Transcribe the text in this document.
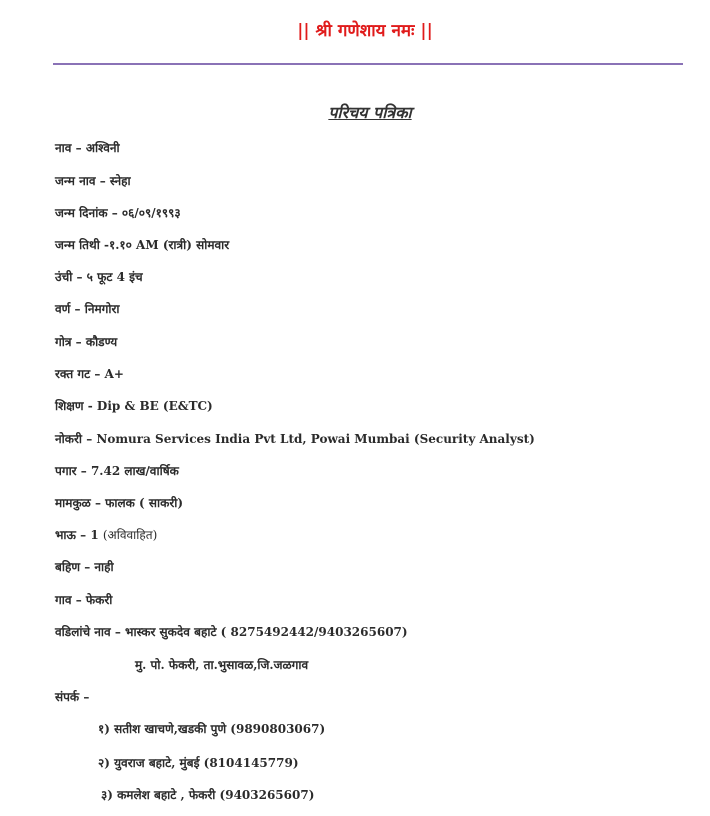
|| श्री गणेशाय नमः ||
परिचय पत्रिका
नाव – अश्विनी
जन्म नाव – स्नेहा
जन्म दिनांक – ०६/०९/१९९३
जन्म तिथी -१.१० AM (रात्री) सोमवार
उंची – ५ फूट 4 इंच
वर्ण – निमगोरा
गोत्र – कौडण्य
रक्त गट – A+
शिक्षण - Dip & BE (E&TC)
नोकरी – Nomura Services India Pvt Ltd, Powai Mumbai (Security Analyst)
पगार – 7.42 लाख/वार्षिक
मामकुळ – फालक ( साकरी)
भाऊ – 1 (अविवाहित)
बहिण – नाही
गाव – फेकरी
वडिलांचे नाव – भास्कर सुकदेव बहाटे ( 8275492442/9403265607)
मु. पो. फेकरी, ता.भुसावळ,जि.जळगाव
संपर्क –
१) सतीश खाचणे,खडकी पुणे (9890803067)
२) युवराज बहाटे, मुंबई (8104145779)
३) कमलेश बहाटे , फेकरी (9403265607)
